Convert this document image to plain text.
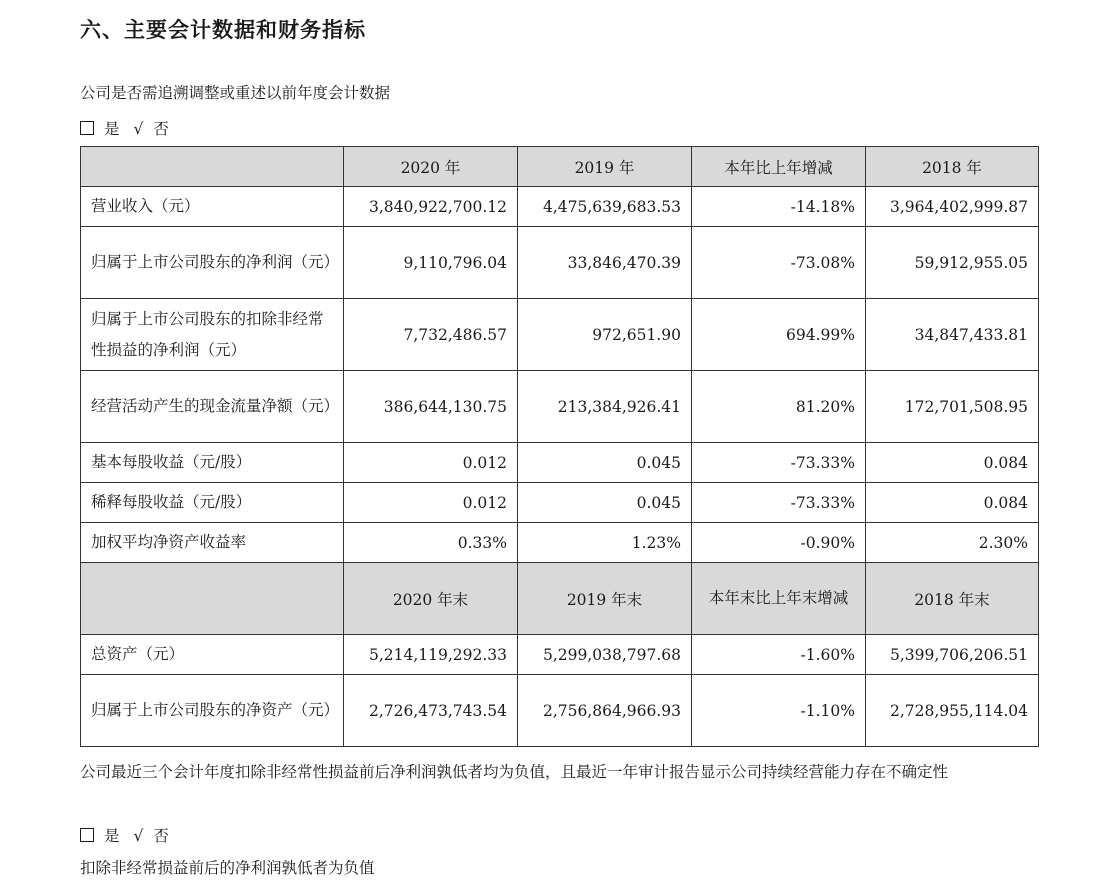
六、主要会计数据和财务指标
公司是否需追溯调整或重述以前年度会计数据
是 √ 否
	2020 年	2019 年	本年比上年增减	2018 年
营业收入（元）	3,840,922,700.12	4,475,639,683.53	-14.18%	3,964,402,999.87
归属于上市公司股东的净利润（元）	9,110,796.04	33,846,470.39	-73.08%	59,912,955.05
归属于上市公司股东的扣除非经常性损益的净利润（元）	7,732,486.57	972,651.90	694.99%	34,847,433.81
经营活动产生的现金流量净额（元）	386,644,130.75	213,384,926.41	81.20%	172,701,508.95
基本每股收益（元/股）	0.012	0.045	-73.33%	0.084
稀释每股收益（元/股）	0.012	0.045	-73.33%	0.084
加权平均净资产收益率	0.33%	1.23%	-0.90%	2.30%
	2020 年末	2019 年末	本年末比上年末增减	2018 年末
总资产（元）	5,214,119,292.33	5,299,038,797.68	-1.60%	5,399,706,206.51
归属于上市公司股东的净资产（元）	2,726,473,743.54	2,756,864,966.93	-1.10%	2,728,955,114.04
公司最近三个会计年度扣除非经常性损益前后净利润孰低者均为负值，且最近一年审计报告显示公司持续经营能力存在不确定性
是 √ 否
扣除非经常损益前后的净利润孰低者为负值
